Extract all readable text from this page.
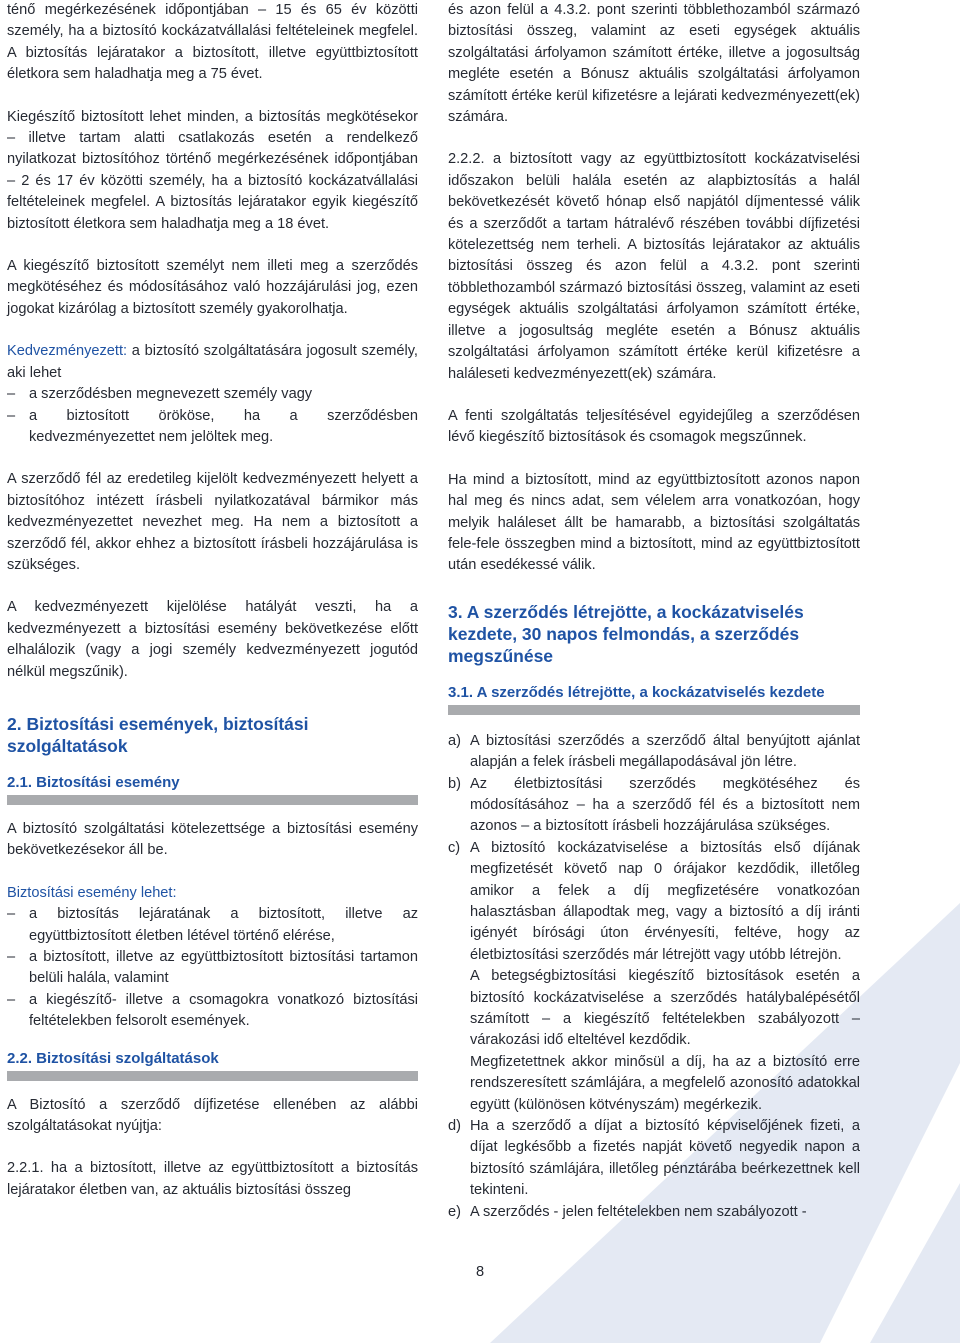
ténő megérkezésének időpontjában – 15 és 65 év közötti személy, ha a biztosító kockázatvállalási feltételeinek megfelel. A biztosítás lejáratakor a biztosított, illetve együttbiztosított életkora sem haladhatja meg a 75 évet.

Kiegészítő biztosított lehet minden, a biztosítás megkötésekor – illetve tartam alatti csatlakozás esetén a rendelkező nyilatkozat biztosítóhoz történő megérkezésének időpontjában – 2 és 17 év közötti személy, ha a biztosító kockázatvállalási feltételeinek megfelel. A biztosítás lejáratakor egyik kiegészítő biztosított életkora sem haladhatja meg a 18 évet.

A kiegészítő biztosított személyt nem illeti meg a szerződés megkötéséhez és módosításához való hozzájárulási jog, ezen jogokat kizárólag a biztosított személy gyakorolhatja.

Kedvezményezett: a biztosító szolgáltatására jogosult személy, aki lehet

– a szerződésben megnevezett személy vagy
– a biztosított örököse, ha a szerződésben kedvezményezettet nem jelöltek meg.

A szerződő fél az eredetileg kijelölt kedvezményezett helyett a biztosítóhoz intézett írásbeli nyilatkozatával bármikor más kedvezményezettet nevezhet meg. Ha nem a biztosított a szerződő fél, akkor ehhez a biztosított írásbeli hozzájárulása is szükséges.

A kedvezményezett kijelölése hatályát veszti, ha a kedvezményezett a biztosítási esemény bekövetkezése előtt elhalálozik (vagy a jogi személy kedvezményezett jogutód nélkül megszűnik).

2. Biztosítási események, biztosítási szolgáltatások
2.1. Biztosítási esemény

A biztosító szolgáltatási kötelezettsége a biztosítási esemény bekövetkezésekor áll be.

Biztosítási esemény lehet:

– a biztosítás lejáratának a biztosított, illetve az együttbiztosított életben létével történő elérése,
– a biztosított, illetve az együttbiztosított biztosítási tartamon belüli halála, valamint
– a kiegészítő- illetve a csomagokra vonatkozó biztosítási feltételekben felsorolt események.
2.2. Biztosítási szolgáltatások

A Biztosító a szerződő díjfizetése ellenében az alábbi szolgáltatásokat nyújtja:

2.2.1. ha a biztosított, illetve az együttbiztosított a biztosítás lejáratakor életben van, az aktuális biztosítási összeg

és azon felül a 4.3.2. pont szerinti többlethozamból származó biztosítási összeg, valamint az eseti egységek aktuális szolgáltatási árfolyamon számított értéke, illetve a jogosultság megléte esetén a Bónusz aktuális szolgáltatási árfolyamon számított értéke kerül kifizetésre a lejárati kedvezményezett(ek) számára.

2.2.2. a biztosított vagy az együttbiztosított kockázatviselési időszakon belüli halála esetén az alapbiztosítás a halál bekövetkezését követő hónap első napjától díjmentessé válik és a szerződőt a tartam hátralévő részében további díjfizetési kötelezettség nem terheli. A biztosítás lejáratakor az aktuális biztosítási összeg és azon felül a 4.3.2. pont szerinti többlethozamból származó biztosítási összeg, valamint az eseti egységek aktuális szolgáltatási árfolyamon számított értéke, illetve a jogosultság megléte esetén a Bónusz aktuális szolgáltatási árfolyamon számított értéke kerül kifizetésre a haláleseti kedvezményezett(ek) számára.

A fenti szolgáltatás teljesítésével egyidejűleg a szerződésen lévő kiegészítő biztosítások és csomagok megszűnnek.

Ha mind a biztosított, mind az együttbiztosított azonos napon hal meg és nincs adat, sem vélelem arra vonatkozóan, hogy melyik haláleset állt be hamarabb, a biztosítási szolgáltatás fele-fele összegben mind a biztosított, mind az együttbiztosított után esedékessé válik.

3. A szerződés létrejötte, a kockázatviselés kezdete, 30 napos felmondás, a szerződés megszűnése
3.1. A szerződés létrejötte, a kockázatviselés kezdete
a) A biztosítási szerződés a szerződő által benyújtott ajánlat alapján a felek írásbeli megállapodásával jön létre.
b) Az életbiztosítási szerződés megkötéséhez és módosításához – ha a szerződő fél és a biztosított nem azonos – a biztosított írásbeli hozzájárulása szükséges.
c) A biztosító kockázatviselése a biztosítás első díjának megfizetését követő nap 0 órájakor kezdődik, illetőleg amikor a felek a díj megfizetésére vonatkozóan halasztásban állapodtak meg, vagy a biztosító a díj iránti igényét bírósági úton érvényesíti, feltéve, hogy az életbiztosítási szerződés már létrejött vagy utóbb létrejön.
A betegségbiztosítási kiegészítő biztosítások esetén a biztosító kockázatviselése a szerződés hatálybalépésétől számított – a kiegészítő feltételekben szabályozott – várakozási idő elteltével kezdődik.
Megfizetettnek akkor minősül a díj, ha az a biztosító erre rendszeresített számlájára, a megfelelő azonosító adatokkal együtt (különösen kötvényszám) megérkezik.
d) Ha a szerződő a díjat a biztosító képviselőjének fizeti, a díjat legkésőbb a fizetés napját követő negyedik napon a biztosító számlájára, illetőleg pénztárába beérkezettnek kell tekinteni.
e) A szerződés - jelen feltételekben nem szabályozott -
8
